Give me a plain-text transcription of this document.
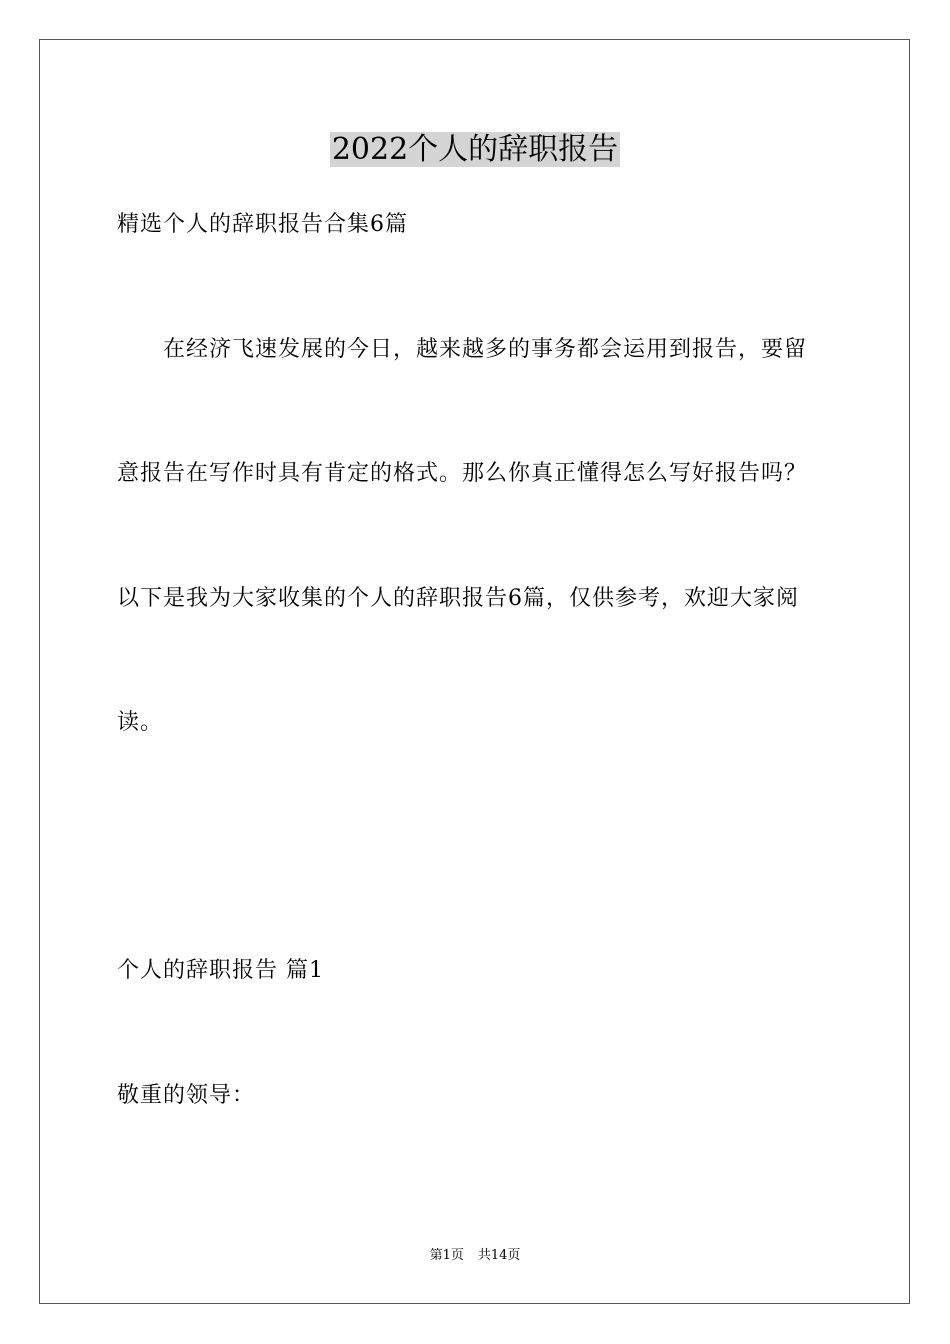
2022个人的辞职报告
精选个人的辞职报告合集6篇
在经济飞速发展的今日，越来越多的事务都会运用到报告，要留
意报告在写作时具有肯定的格式。那么你真正懂得怎么写好报告吗？
以下是我为大家收集的个人的辞职报告6篇，仅供参考，欢迎大家阅
读。
个人的辞职报告 篇1
敬重的领导：
第1页 共14页
